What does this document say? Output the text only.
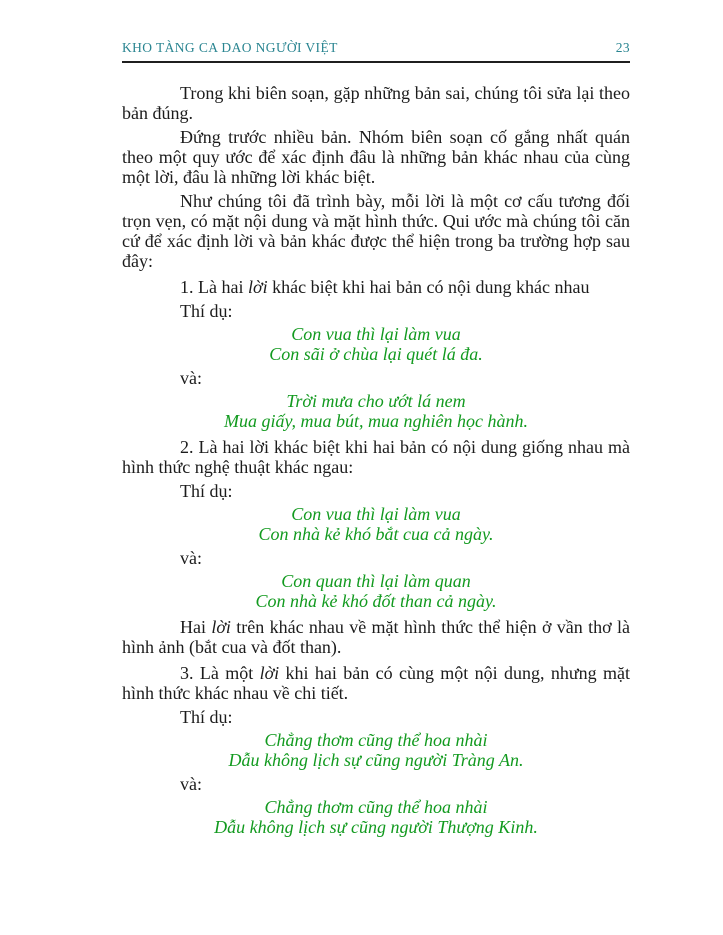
KHO TÀNG CA DAO NGƯỜI VIỆT	23

Trong khi biên soạn, gặp những bản sai, chúng tôi sửa lại theo bản đúng.

Đứng trước nhiều bản. Nhóm biên soạn cố gắng nhất quán theo một quy ước để xác định đâu là những bản khác nhau của cùng một lời, đâu là những lời khác biệt.

Như chúng tôi đã trình bày, mỗi lời là một cơ cấu tương đối trọn vẹn, có mặt nội dung và mặt hình thức. Qui ước mà chúng tôi căn cứ để xác định lời và bản khác được thể hiện trong ba trường hợp sau đây:

1. Là hai lời khác biệt khi hai bản có nội dung khác nhau

Thí dụ:

Con vua thì lại làm vua
Con sãi ở chùa lại quét lá đa.

và:

Trời mưa cho ướt lá nem
Mua giấy, mua bút, mua nghiên học hành.

2. Là hai lời khác biệt khi hai bản có nội dung giống nhau mà hình thức nghệ thuật khác ngau:

Thí dụ:

Con vua thì lại làm vua
Con nhà kẻ khó bắt cua cả ngày.

và:

Con quan thì lại làm quan
Con nhà kẻ khó đốt than cả ngày.

Hai lời trên khác nhau về mặt hình thức thể hiện ở vần thơ là hình ảnh (bắt cua và đốt than).

3. Là một lời khi hai bản có cùng một nội dung, nhưng mặt hình thức khác nhau về chi tiết.

Thí dụ:

Chẳng thơm cũng thể hoa nhài
Dẫu không lịch sự cũng người Tràng An.

và:

Chẳng thơm cũng thể hoa nhài
Dẫu không lịch sự cũng người Thượng Kinh.
